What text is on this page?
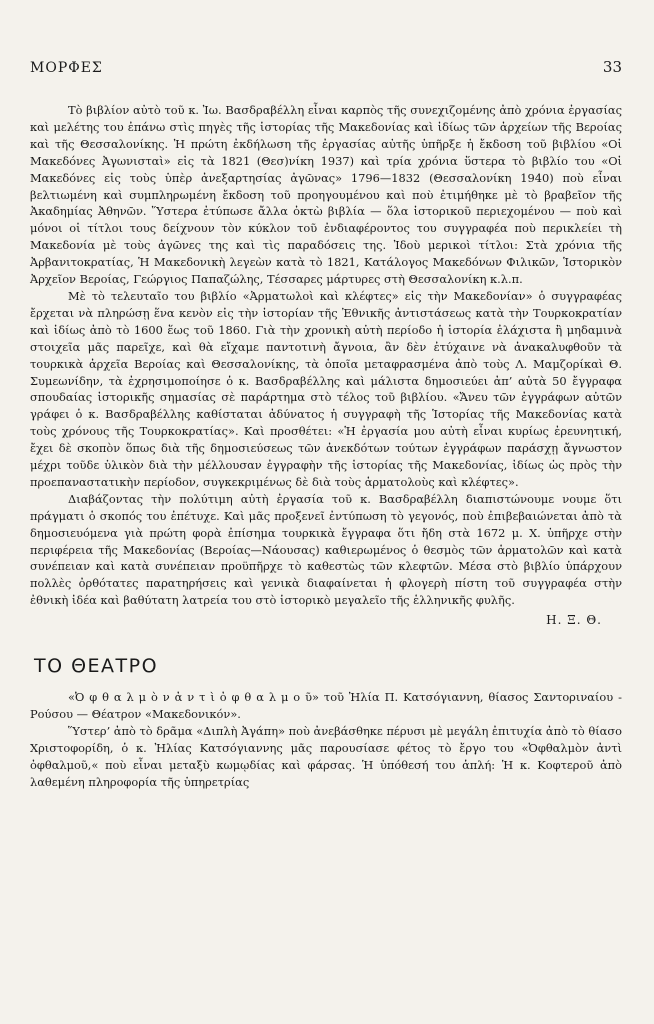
ΜΟΡΦΕΣ	33

Τὸ βιβλίον αὐτὸ τοῦ κ. Ἰω. Βασδραβέλλη εἶναι καρπὸς τῆς συνεχιζομένης ἀπὸ χρόνια ἐργασίας καὶ μελέτης του ἐπάνω στὶς πηγὲς τῆς ἱστορίας τῆς Μακεδονίας καὶ ἰδίως τῶν ἀρχείων τῆς Βεροίας καὶ τῆς Θεσσαλονίκης. Ἡ πρώτη ἐκδήλωση τῆς ἐργασίας αὐτῆς ὑπῆρξε ἡ ἔκδοση τοῦ βιβλίου «Οἱ Μακεδόνες Ἀγωνισταὶ» εἰς τὰ 1821 (Θεσ)νίκη 1937) καὶ τρία χρόνια ὕστερα τὸ βιβλίο του «Οἱ Μακεδόνες εἰς τοὺς ὑπὲρ ἀνεξαρτησίας ἀγῶνας» 1796—1832 (Θεσσαλονίκη 1940) ποὺ εἶναι βελτιωμένη καὶ συμπληρωμένη ἔκδοση τοῦ προηγουμένου καὶ ποὺ ἐτιμήθηκε μὲ τὸ βραβεῖον τῆς Ἀκαδημίας Ἀθηνῶν. Ὕστερα ἐτύπωσε ἄλλα ὀκτὼ βιβλία — ὅλα ἱστορικοῦ περιεχομένου — ποὺ καὶ μόνοι οἱ τίτλοι τους δείχνουν τὸν κύκλον τοῦ ἐνδιαφέροντος του συγγραφέα ποὺ περικλείει τὴ Μακεδονία μὲ τοὺς ἀγῶνες της καὶ τὶς παραδόσεις της. Ἰδοὺ μερικοὶ τίτλοι: Στὰ χρόνια τῆς Ἀρβανιτοκρατίας, Ἡ Μακεδονικὴ λεγεὼν κατὰ τὸ 1821, Κατάλογος Μακεδόνων Φιλικῶν, Ἱστορικὸν Ἀρχεῖον Βεροίας, Γεώργιος Παπαζώλης, Τέσσαρες μάρτυρες στὴ Θεσσαλονίκη κ.λ.π.

Μὲ τὸ τελευταῖο του βιβλίο «Ἀρματωλοὶ καὶ κλέφτες» εἰς τὴν Μακεδονίαν» ὁ συγγραφέας ἔρχεται νὰ πληρώσῃ ἕνα κενὸν εἰς τὴν ἱστορίαν τῆς Ἐθνικῆς ἀντιστάσεως κατὰ τὴν Τουρκοκρατίαν καὶ ἰδίως ἀπὸ τὸ 1600 ἕως τοῦ 1860. Γιὰ τὴν χρονικὴ αὐτὴ περίοδο ἡ ἱστορία ἐλάχιστα ἢ μηδαμινὰ στοιχεῖα μᾶς παρεῖχε, καὶ θὰ εἴχαμε παντοτινὴ ἄγνοια, ἂν δὲν ἐτύχαινε νὰ ἀνακαλυφθοῦν τὰ τουρκικὰ ἀρχεῖα Βεροίας καὶ Θεσσαλονίκης, τὰ ὁποῖα μεταφρασμένα ἀπὸ τοὺς Λ. Μαμζορίκαὶ Θ. Συμεωνίδην, τὰ ἐχρησιμοποίησε ὁ κ. Βασδραβέλλης καὶ μάλιστα δημοσιεύει ἀπ’ αὐτὰ 50 ἔγγραφα σπουδαίας ἱστορικῆς σημασίας σὲ παράρτημα στὸ τέλος τοῦ βιβλίου. «Ἄνευ τῶν ἐγγράφων αὐτῶν γράφει ὁ κ. Βασδραβέλλης καθίσταται ἀδύνατος ἡ συγγραφὴ τῆς Ἱστορίας τῆς Μακεδονίας κατὰ τοὺς χρόνους τῆς Τουρκοκρατίας». Καὶ προσθέτει: «Ἡ ἐργασία μου αὐτὴ εἶναι κυρίως ἐρευνητική, ἔχει δὲ σκοπὸν ὅπως διὰ τῆς δημοσιεύσεως τῶν ἀνεκδότων τούτων ἐγγράφων παράσχῃ ἄγνωστον μέχρι τοῦδε ὑλικὸν διὰ τὴν μέλλουσαν ἐγγραφὴν τῆς ἱστορίας τῆς Μακεδονίας, ἰδίως ὡς πρὸς τὴν προεπαναστατικὴν περίοδον, συγκεκριμένως δὲ διὰ τοὺς ἁρματολοὺς καὶ κλέφτες».

Διαβάζοντας τὴν πολύτιμη αὐτὴ ἐργασία τοῦ κ. Βασδραβέλλη διαπιστώνουμε νουμε ὅτι πράγματι ὁ σκοπός του ἐπέτυχε. Καὶ μᾶς προξενεῖ ἐντύπωση τὸ γεγονός, ποὺ ἐπιβεβαιώνεται ἀπὸ τὰ δημοσιευόμενα γιὰ πρώτη φορὰ ἐπίσημα τουρκικὰ ἔγγραφα ὅτι ἤδη στὰ 1672 μ. Χ. ὑπῆρχε στὴν περιφέρεια τῆς Μακεδονίας (Βεροίας—Νάουσας) καθιερωμένος ὁ θεσμὸς τῶν ἁρματολῶν καὶ κατὰ συνέπειαν καὶ κατὰ συνέπειαν προϋπῆρχε τὸ καθεστὼς τῶν κλεφτῶν. Μέσα στὸ βιβλίο ὑπάρχουν πολλὲς ὀρθότατες παρατηρήσεις καὶ γενικὰ διαφαίνεται ἡ φλογερὴ πίστη τοῦ συγγραφέα στὴν ἐθνικὴ ἰδέα καὶ βαθύτατη λατρεία του στὸ ἱστορικὸ μεγαλεῖο τῆς ἑλληνικῆς φυλῆς.

Η. Ξ. Θ.
ΤΟ ΘΕΑΤΡΟ

«Ὀ φ θ α λ μ ὸ ν ἀ ν τ ὶ ὀ φ θ α λ μ ο ῦ» τοῦ Ἠλία Π. Κατσόγιαννη, θίασος Σαντοριναίου - Ρούσου — Θέατρον «Μακεδονικόν».

Ὕστερ’ ἀπὸ τὸ δρᾶμα «Διπλὴ Ἀγάπη» ποὺ ἀνεβάσθηκε πέρυσι μὲ μεγάλη ἐπιτυχία ἀπὸ τὸ θίασο Χριστοφορίδη, ὁ κ. Ἠλίας Κατσόγιαννης μᾶς παρουσίασε φέτος τὸ ἔργο του «Ὀφθαλμὸν ἀντὶ ὀφθαλμοῦ,« ποὺ εἶναι μεταξὺ κωμῳδίας καὶ φάρσας. Ἡ ὑπόθεσή του ἁπλή: Ἡ κ. Κοφτεροῦ ἀπὸ λαθεμένη πληροφορία τῆς ὑπηρετρίας
